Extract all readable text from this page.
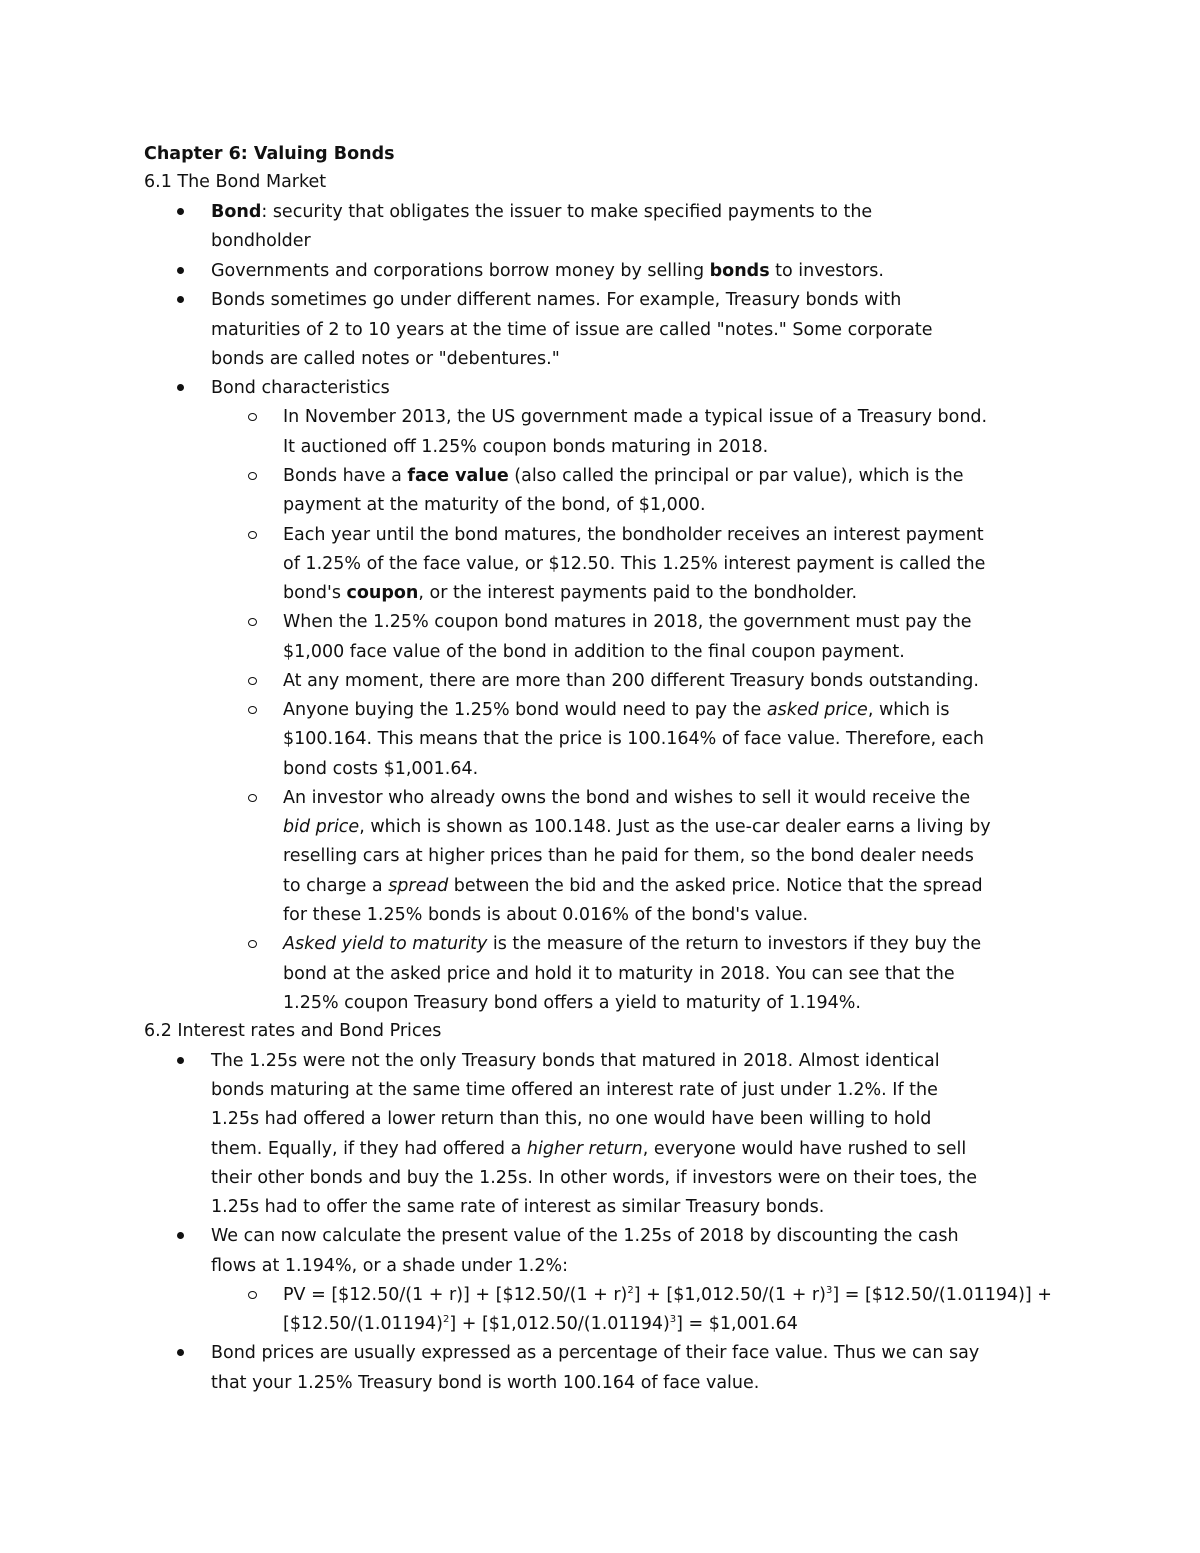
Chapter 6: Valuing Bonds
6.1 The Bond Market
Bond: security that obligates the issuer to make specified payments to the
bondholder
Governments and corporations borrow money by selling bonds to investors.
Bonds sometimes go under different names. For example, Treasury bonds with
maturities of 2 to 10 years at the time of issue are called "notes." Some corporate
bonds are called notes or "debentures."
Bond characteristics
In November 2013, the US government made a typical issue of a Treasury bond.
It auctioned off 1.25% coupon bonds maturing in 2018.
Bonds have a face value (also called the principal or par value), which is the
payment at the maturity of the bond, of $1,000.
Each year until the bond matures, the bondholder receives an interest payment
of 1.25% of the face value, or $12.50. This 1.25% interest payment is called the
bond's coupon, or the interest payments paid to the bondholder.
When the 1.25% coupon bond matures in 2018, the government must pay the
$1,000 face value of the bond in addition to the final coupon payment.
At any moment, there are more than 200 different Treasury bonds outstanding.
Anyone buying the 1.25% bond would need to pay the asked price, which is
$100.164. This means that the price is 100.164% of face value. Therefore, each
bond costs $1,001.64.
An investor who already owns the bond and wishes to sell it would receive the
bid price, which is shown as 100.148. Just as the use-car dealer earns a living by
reselling cars at higher prices than he paid for them, so the bond dealer needs
to charge a spread between the bid and the asked price. Notice that the spread
for these 1.25% bonds is about 0.016% of the bond's value.
Asked yield to maturity is the measure of the return to investors if they buy the
bond at the asked price and hold it to maturity in 2018. You can see that the
1.25% coupon Treasury bond offers a yield to maturity of 1.194%.
6.2 Interest rates and Bond Prices
The 1.25s were not the only Treasury bonds that matured in 2018. Almost identical
bonds maturing at the same time offered an interest rate of just under 1.2%. If the
1.25s had offered a lower return than this, no one would have been willing to hold
them. Equally, if they had offered a higher return, everyone would have rushed to sell
their other bonds and buy the 1.25s. In other words, if investors were on their toes, the
1.25s had to offer the same rate of interest as similar Treasury bonds.
We can now calculate the present value of the 1.25s of 2018 by discounting the cash
flows at 1.194%, or a shade under 1.2%:
PV = [$12.50/(1 + r)] + [$12.50/(1 + r)$^2$] + [$1,012.50/(1 + r)$^3$] = [$12.50/(1.01194)] +
$[\$12.50/(1.01194)^2]$ + $[\$1,012.50/(1.01194)^3]$ = $1,001.64
Bond prices are usually expressed as a percentage of their face value. Thus we can say
that your 1.25% Treasury bond is worth 100.164 of face value.
